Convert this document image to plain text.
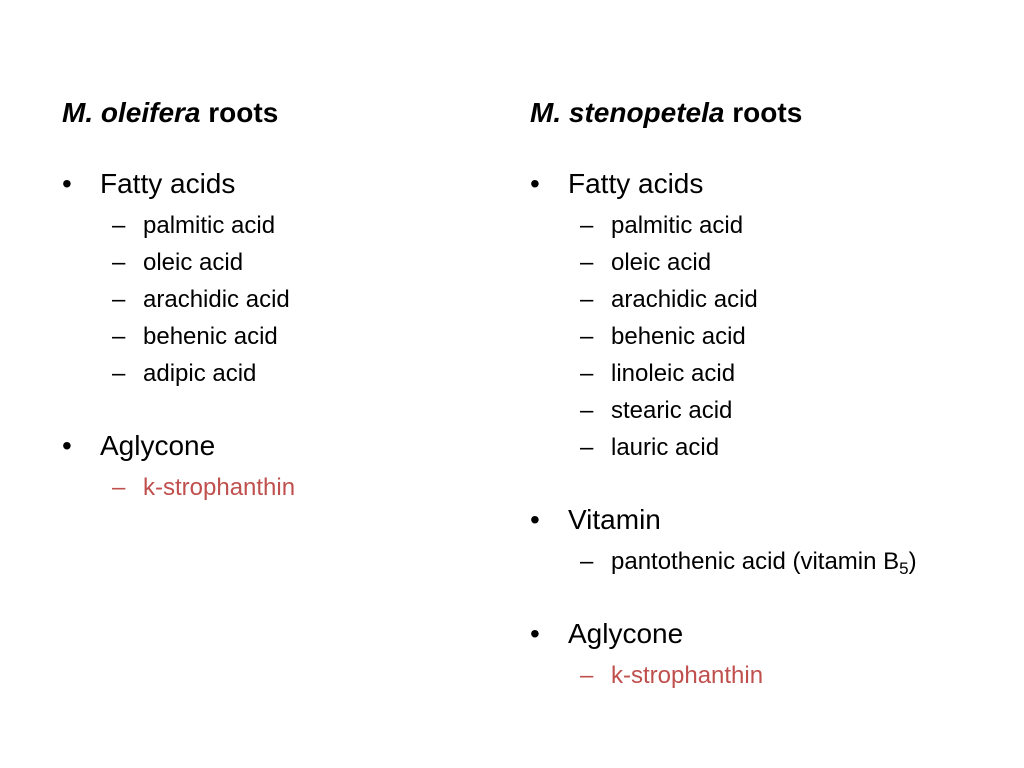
M. oleifera roots
•	Fatty acids
– palmitic acid
– oleic acid
– arachidic acid
– behenic acid
– adipic acid
•	Aglycone
– k-strophanthin
M. stenopetela roots
•	Fatty acids
– palmitic acid
– oleic acid
– arachidic acid
– behenic acid
– linoleic acid
– stearic acid
– lauric acid
•	Vitamin
– pantothenic acid (vitamin $B_5$)
•	Aglycone
– k-strophanthin
